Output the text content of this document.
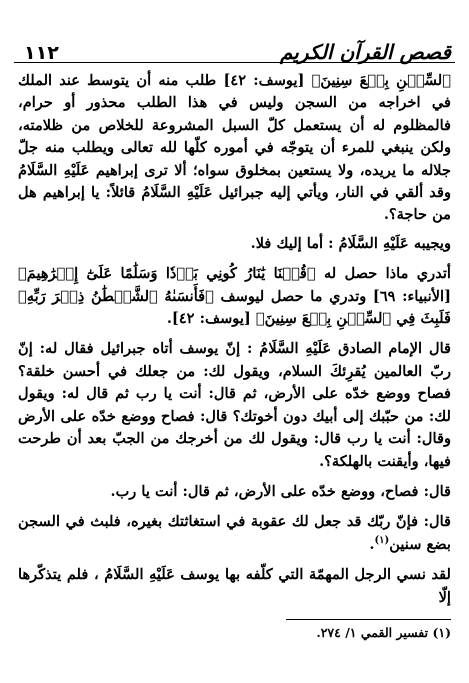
١١٢	قصص القرآن الكريم

ٱلسِّجۡنِ بِضۡعَ سِنِينَ﴾ [يوسف: ٤٢] طلب منه أن يتوسط عند الملك في اخراجه من السجن وليس في هذا الطلب محذور أو حرام، فالمظلوم له أن يستعمل كلّ السبل المشروعة للخلاص من ظلامته، ولكن ينبغي للمرء أن يتوجّه في أموره كلّها لله تعالى ويطلب منه جلّ جلاله ما يريده، ولا يستعين بمخلوق سواه؛ ألا ترى إبراهيم عَلَيْهِ السَّلَامُ وقد ألقي في النار، ويأتي إليه جبرائيل عَلَيْهِ السَّلَامُ قائلاً: يا إبراهيم هل من حاجة؟.

ويجيبه عَلَيْهِ السَّلَامُ : أما إليك فلا.

أتدري ماذا حصل له ﴿قُلۡنَا يَٰنَارُ كُونِي بَرۡدٗا وَسَلَٰمًا عَلَىٰٓ إِبۡرَٰهِيمَ﴾ [الأنبياء: ٦٩] وتدري ما حصل ليوسف ﴿فَأَنسَىٰهُ ٱلشَّيۡطَٰنُ ذِكۡرَ رَبِّهِۦ فَلَبِثَ فِي ٱلسِّجۡنِ بِضۡعَ سِنِينَ﴾ [يوسف: ٤٢].

قال الإمام الصادق عَلَيْهِ السَّلَامُ : إنّ يوسف أتاه جبرائيل فقال له: إنّ ربّ العالمين يُقرِئكَ السلام، ويقول لك: من جعلك في أحسن خلقة؟ فصاح ووضع خدّه على الأرض، ثم قال: أنت يا رب ثم قال له: ويقول لك: من حبّبك إلى أبيك دون أخوتك؟ قال: فصاح ووضع خدّه على الأرض وقال: أنت يا رب قال: ويقول لك من أخرجك من الجبّ بعد أن طرحت فيها، وأيقنت بالهلكة؟.

قال: فصاح، ووضع خدّه على الأرض، ثم قال: أنت يا رب.

قال: فإنّ ربّك قد جعل لك عقوبة في استغاثتك بغيره، فلبث في السجن بضع سنين$^{(١)}$.

لقد نسي الرجل المهمّة التي كلّفه بها يوسف عَلَيْهِ السَّلَامُ ، فلم يتذكّرها إلّا

(١) تفسير القمي ١/ ٢٧٤.
